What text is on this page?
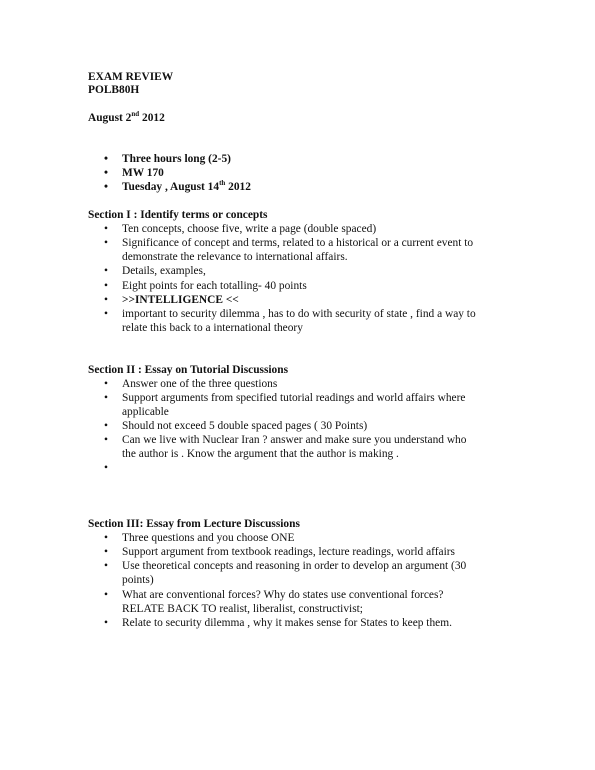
EXAM REVIEW
POLB80H
August 2nd 2012
• Three hours long (2-5)
• MW 170
• Tuesday , August 14th 2012
Section I : Identify terms or concepts
• Ten concepts, choose five, write a page (double spaced)
• Significance of concept and terms, related to a historical or a current event to
demonstrate the relevance to international affairs.
• Details, examples,
• Eight points for each totalling- 40 points
• >>INTELLIGENCE <<
• important to security dilemma , has to do with security of state , find a way to
relate this back to a international theory
Section II : Essay on Tutorial Discussions
• Answer one of the three questions
• Support arguments from specified tutorial readings and world affairs where
applicable
• Should not exceed 5 double spaced pages ( 30 Points)
• Can we live with Nuclear Iran ? answer and make sure you understand who
the author is . Know the argument that the author is making .
•
Section III: Essay from Lecture Discussions
• Three questions and you choose ONE
• Support argument from textbook readings, lecture readings, world affairs
• Use theoretical concepts and reasoning in order to develop an argument (30
points)
• What are conventional forces? Why do states use conventional forces?
RELATE BACK TO realist, liberalist, constructivist;
• Relate to security dilemma , why it makes sense for States to keep them.
